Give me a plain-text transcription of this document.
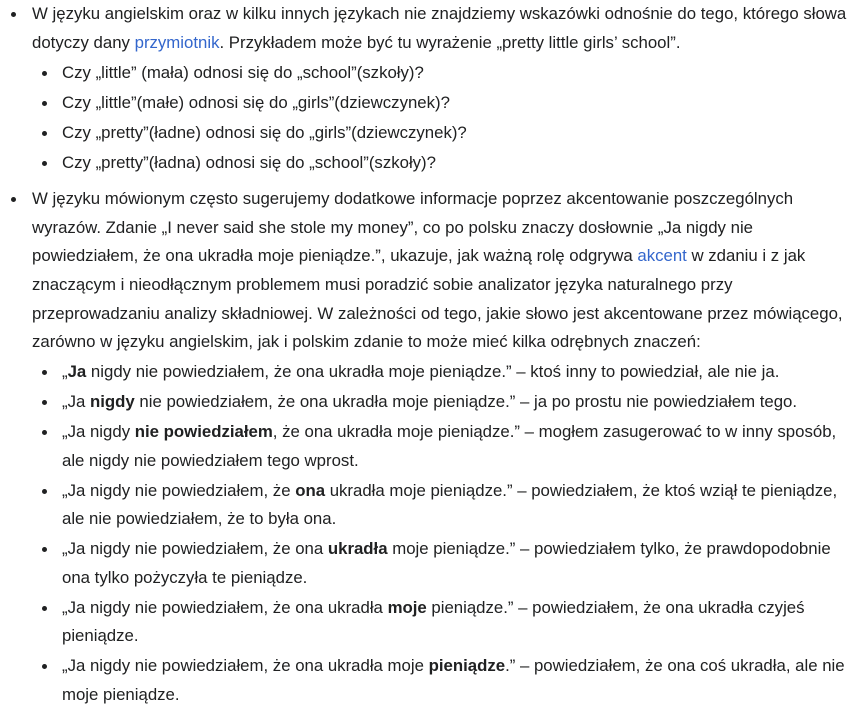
W języku angielskim oraz w kilku innych językach nie znajdziemy wskazówki odnośnie do tego, którego słowa dotyczy dany przymiotnik. Przykładem może być tu wyrażenie „pretty little girls’ school”.
Czy „little” (mała) odnosi się do „school”(szkoły)?
Czy „little”(małe) odnosi się do „girls”(dziewczynek)?
Czy „pretty”(ładne) odnosi się do „girls”(dziewczynek)?
Czy „pretty”(ładna) odnosi się do „school”(szkoły)?
W języku mówionym często sugerujemy dodatkowe informacje poprzez akcentowanie poszczególnych wyrazów. Zdanie „I never said she stole my money”, co po polsku znaczy dosłownie „Ja nigdy nie powiedziałem, że ona ukradła moje pieniądze.”, ukazuje, jak ważną rolę odgrywa akcent w zdaniu i z jak znaczącym i nieodłącznym problemem musi poradzić sobie analizator języka naturalnego przy przeprowadzaniu analizy składniowej. W zależności od tego, jakie słowo jest akcentowane przez mówiącego, zarówno w języku angielskim, jak i polskim zdanie to może mieć kilka odrębnych znaczeń:
„Ja nigdy nie powiedziałem, że ona ukradła moje pieniądze.” – ktoś inny to powiedział, ale nie ja.
„Ja nigdy nie powiedziałem, że ona ukradła moje pieniądze.” – ja po prostu nie powiedziałem tego.
„Ja nigdy nie powiedziałem, że ona ukradła moje pieniądze.” – mogłem zasugerować to w inny sposób, ale nigdy nie powiedziałem tego wprost.
„Ja nigdy nie powiedziałem, że ona ukradła moje pieniądze.” – powiedziałem, że ktoś wziął te pieniądze, ale nie powiedziałem, że to była ona.
„Ja nigdy nie powiedziałem, że ona ukradła moje pieniądze.” – powiedziałem tylko, że prawdopodobnie ona tylko pożyczyła te pieniądze.
„Ja nigdy nie powiedziałem, że ona ukradła moje pieniądze.” – powiedziałem, że ona ukradła czyjeś pieniądze.
„Ja nigdy nie powiedziałem, że ona ukradła moje pieniądze.” – powiedziałem, że ona coś ukradła, ale nie moje pieniądze.
